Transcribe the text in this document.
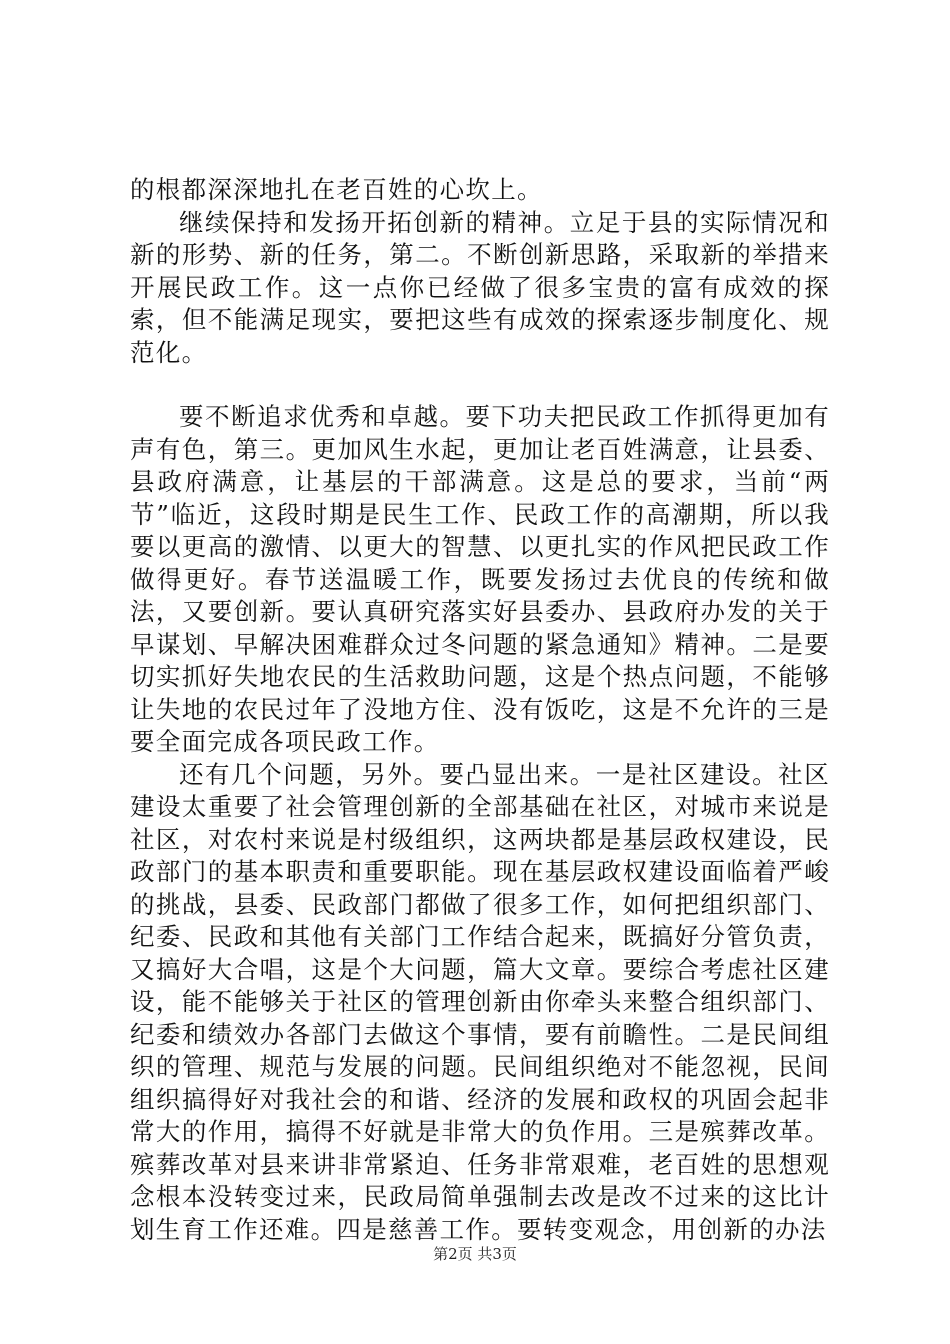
的根都深深地扎在老百姓的心坎上。

继续保持和发扬开拓创新的精神。立足于县的实际情况和新的形势、新的任务，第二。不断创新思路，采取新的举措来开展民政工作。这一点你已经做了很多宝贵的富有成效的探索，但不能满足现实，要把这些有成效的探索逐步制度化、规范化。

要不断追求优秀和卓越。要下功夫把民政工作抓得更加有声有色，第三。更加风生水起，更加让老百姓满意，让县委、县政府满意，让基层的干部满意。这是总的要求，当前“两节”临近，这段时期是民生工作、民政工作的高潮期，所以我要以更高的激情、以更大的智慧、以更扎实的作风把民政工作做得更好。春节送温暖工作，既要发扬过去优良的传统和做法，又要创新。要认真研究落实好县委办、县政府办发的关于早谋划、早解决困难群众过冬问题的紧急通知》精神。二是要切实抓好失地农民的生活救助问题，这是个热点问题，不能够让失地的农民过年了没地方住、没有饭吃，这是不允许的三是要全面完成各项民政工作。

还有几个问题，另外。要凸显出来。一是社区建设。社区建设太重要了社会管理创新的全部基础在社区，对城市来说是社区，对农村来说是村级组织，这两块都是基层政权建设，民政部门的基本职责和重要职能。现在基层政权建设面临着严峻的挑战，县委、民政部门都做了很多工作，如何把组织部门、纪委、民政和其他有关部门工作结合起来，既搞好分管负责，又搞好大合唱，这是个大问题，篇大文章。要综合考虑社区建设，能不能够关于社区的管理创新由你牵头来整合组织部门、纪委和绩效办各部门去做这个事情，要有前瞻性。二是民间组织的管理、规范与发展的问题。民间组织绝对不能忽视，民间组织搞得好对我社会的和谐、经济的发展和政权的巩固会起非常大的作用，搞得不好就是非常大的负作用。三是殡葬改革。殡葬改革对县来讲非常紧迫、任务非常艰难，老百姓的思想观念根本没转变过来，民政局简单强制去改是改不过来的这比计划生育工作还难。四是慈善工作。要转变观念，用创新的办法

第2页 共3页
